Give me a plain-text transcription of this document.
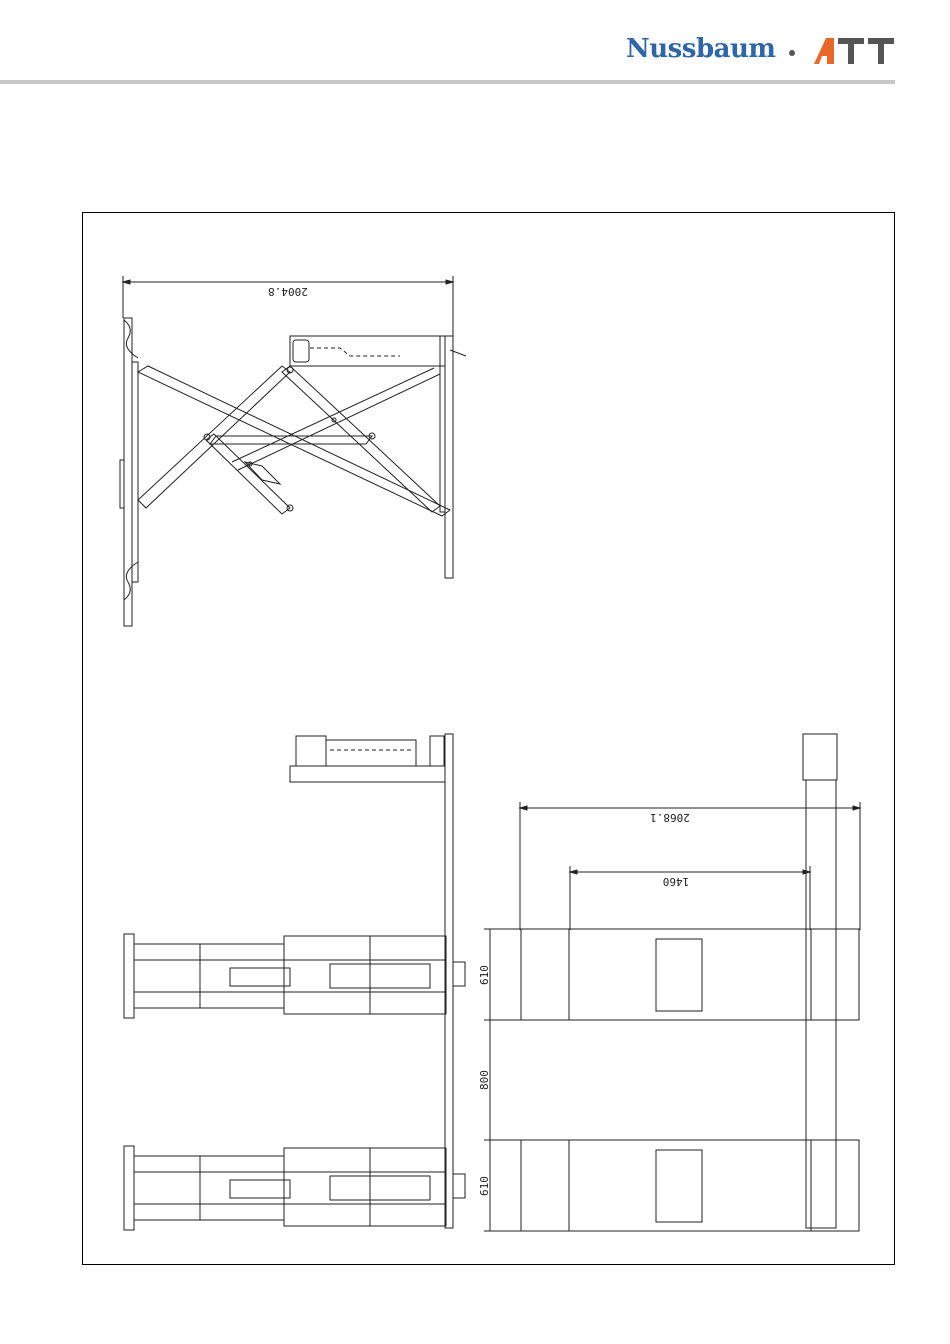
Nussbaum
2004.8
2068.1
1460
610
800
610
